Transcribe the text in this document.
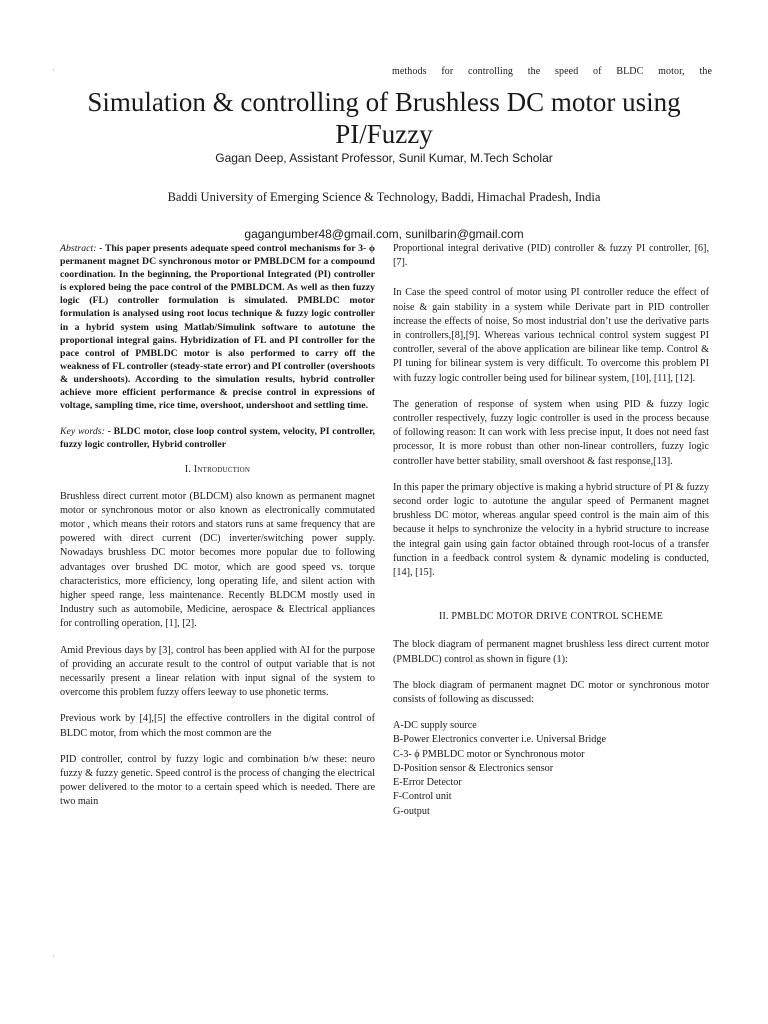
·	methods for controlling the speed of BLDC motor, the
Simulation & controlling of Brushless DC motor using PI/Fuzzy
Gagan Deep, Assistant Professor, Sunil Kumar, M.Tech Scholar
Baddi University of Emerging Science & Technology, Baddi, Himachal Pradesh, India
gagangumber48@gmail.com, sunilbarin@gmail.com

Abstract: - This paper presents adequate speed control mechanisms for 3- ϕ permanent magnet DC synchronous motor or PMBLDCM for a compound coordination. In the beginning, the Proportional Integrated (PI) controller is explored being the pace control of the PMBLDCM. As well as then fuzzy logic (FL) controller formulation is simulated. PMBLDC motor formulation is analysed using root locus technique & fuzzy logic controller in a hybrid system using Matlab/Simulink software to autotune the proportional integral gains. Hybridization of FL and PI controller for the pace control of PMBLDC motor is also performed to carry off the weakness of FL controller (steady-state error) and PI controller (overshoots & undershoots). According to the simulation results, hybrid controller achieve more efficient performance & precise control in expressions of voltage, sampling time, rice time, overshoot, undershoot and settling time.

Key words: - BLDC motor, close loop control system, velocity, PI controller, fuzzy logic controller, Hybrid controller

I. Introduction

Brushless direct current motor (BLDCM) also known as permanent magnet motor or synchronous motor or also known as electronically commutated motor , which means their rotors and stators runs at same frequency that are powered with direct current (DC) inverter/switching power supply. Nowadays brushless DC motor becomes more popular due to following advantages over brushed DC motor, which are good speed vs. torque characteristics, more efficiency, long operating life, and silent action with higher speed range, less maintenance. Recently BLDCM mostly used in Industry such as automobile, Medicine, aerospace & Electrical appliances for controlling operation, [1], [2].

Amid Previous days by [3], control has been applied with AI for the purpose of providing an accurate result to the control of output variable that is not necessarily present a linear relation with input signal of the system to overcome this problem fuzzy offers leeway to use phonetic terms.

Previous work by [4],[5] the effective controllers in the digital control of BLDC motor, from which the most common are the

PID controller, control by fuzzy logic and combination b/w these: neuro fuzzy & fuzzy genetic. Speed control is the process of changing the electrical power delivered to the motor to a certain speed which is needed. There are two main

Proportional integral derivative (PID) controller & fuzzy PI controller, [6], [7].

In Case the speed control of motor using PI controller reduce the effect of noise & gain stability in a system while Derivate part in PID controller increase the effects of noise, So most industrial don’t use the derivative parts in controllers,[8],[9]. Whereas various technical control system suggest PI controller, several of the above application are bilinear like temp. Control & PI tuning for bilinear system is very difficult. To overcome this problem PI with fuzzy logic controller being used for bilinear system, [10], [11], [12].

The generation of response of system when using PID & fuzzy logic controller respectively, fuzzy logic controller is used in the process because of following reason: It can work with less precise input, It does not need fast processor, It is more robust than other non-linear controllers, fuzzy logic controller have better stability, small overshoot & fast response,[13].

In this paper the primary objective is making a hybrid structure of PI & fuzzy second order logic to autotune the angular speed of Permanent magnet brushless DC motor, whereas angular speed control is the main aim of this because it helps to synchronize the velocity in a hybrid structure to increase the integral gain using gain factor obtained through root-locus of a transfer function in a feedback control system & dynamic modeling is conducted, [14], [15].

II. PMBLDC MOTOR DRIVE CONTROL SCHEME

The block diagram of permanent magnet brushless less direct current motor (PMBLDC) control as shown in figure (1):

The block diagram of permanent magnet DC motor or synchronous motor consists of following as discussed:

A-DC supply source
B-Power Electronics converter i.e. Universal Bridge
C-3- ϕ PMBLDC motor or Synchronous motor
D-Position sensor & Electronics sensor
E-Error Detector
F-Control unit
G-output
·
